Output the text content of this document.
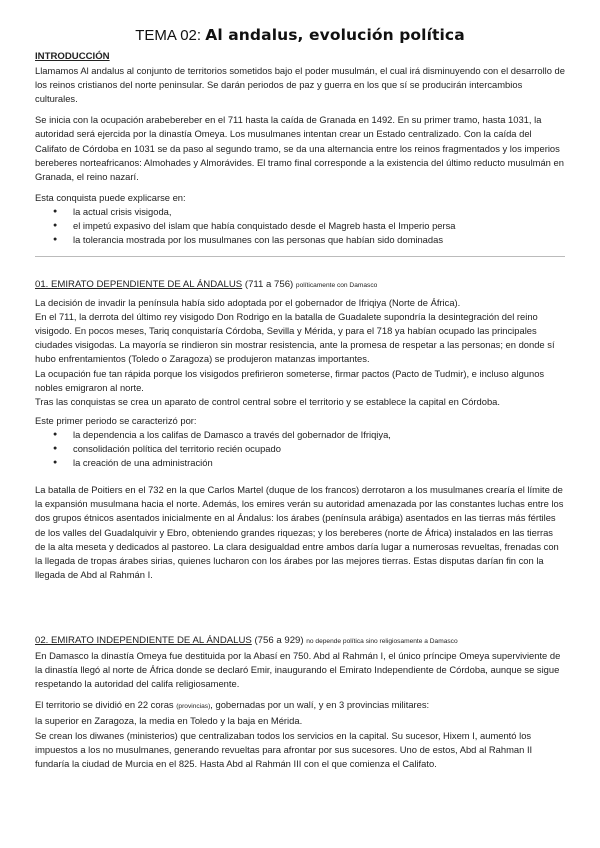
TEMA 02: Al andalus, evolución política

INTRODUCCIÓN

Llamamos Al andalus al conjunto de territorios sometidos bajo el poder musulmán, el cual irá disminuyendo con el desarrollo de los reinos cristianos del norte peninsular. Se darán periodos de paz y guerra en los que sí se producirán intercambios culturales.

Se inicia con la ocupación arabebereber en el 711 hasta la caída de Granada en 1492. En su primer tramo, hasta 1031, la autoridad será ejercida por la dinastía Omeya. Los musulmanes intentan crear un Estado centralizado. Con la caída del Califato de Córdoba en 1031 se da paso al segundo tramo, se da una alternancia entre los reinos fragmentados y los imperios bereberes norteafricanos: Almohades y Almorávides. El tramo final corresponde a la existencia del último reducto musulmán en Granada, el reino nazarí.

Esta conquista puede explicarse en:

● la actual crisis visigoda,
● el impetú expasivo del islam que había conquistado desde el Magreb hasta el Imperio persa
● la tolerancia mostrada por los musulmanes con las personas que habían sido dominadas

01. EMIRATO DEPENDIENTE DE AL ÁNDALUS (711 a 756) políticamente con Damasco

La decisión de invadir la península había sido adoptada por el gobernador de Ifriqiya (Norte de África).

En el 711, la derrota del último rey visigodo Don Rodrigo en la batalla de Guadalete supondría la desintegración del reino visigodo. En pocos meses, Tariq conquistaría Córdoba, Sevilla y Mérida, y para el 718 ya habían ocupado las principales ciudades visigodas. La mayoría se rindieron sin mostrar resistencia, ante la promesa de respetar a las personas; en donde sí hubo enfrentamientos (Toledo o Zaragoza) se produjeron matanzas importantes.

La ocupación fue tan rápida porque los visigodos prefirieron someterse, firmar pactos (Pacto de Tudmir), e incluso algunos nobles emigraron al norte.

Tras las conquistas se crea un aparato de control central sobre el territorio y se establece la capital en Córdoba.

Este primer periodo se caracterizó por:

● la dependencia a los califas de Damasco a través del gobernador de Ifriqiya,
● consolidación política del territorio recién ocupado
● la creación de una administración

La batalla de Poitiers en el 732 en la que Carlos Martel (duque de los francos) derrotaron a los musulmanes crearía el límite de la expansión musulmana hacia el norte. Además, los emires verán su autoridad amenazada por las constantes luchas entre los dos grupos étnicos asentados inicialmente en al Ándalus: los árabes (península arábiga) asentados en las tierras más fértiles de los valles del Guadalquivir y Ebro, obteniendo grandes riquezas; y los bereberes (norte de África) instalados en las tierras de la alta meseta y dedicados al pastoreo. La clara desigualdad entre ambos daría lugar a numerosas revueltas, frenadas con la llegada de tropas árabes sirias, quienes lucharon con los árabes por las mejores tierras. Estas disputas darían fin con la llegada de Abd al Rahmán I.

02. EMIRATO INDEPENDIENTE DE AL ÁNDALUS (756 a 929) no depende política sino religiosamente a Damasco

En Damasco la dinastía Omeya fue destituida por la Abasí en 750. Abd al Rahmán I, el único príncipe Omeya superviviente de la dinastía llegó al norte de África donde se declaró Emir, inaugurando el Emirato Independiente de Córdoba, aunque se sigue respetando la autoridad del califa religiosamente.

El territorio se dividió en 22 coras (provincias), gobernadas por un walí, y en 3 provincias militares:

la superior en Zaragoza, la media en Toledo y la baja en Mérida.

Se crean los diwanes (ministerios) que centralizaban todos los servicios en la capital. Su sucesor, Hixem I, aumentó los impuestos a los no musulmanes, generando revueltas para afrontar por sus sucesores. Uno de estos, Abd al Rahman II fundaría la ciudad de Murcia en el 825. Hasta Abd al Rahmán III con el que comienza el Califato.
